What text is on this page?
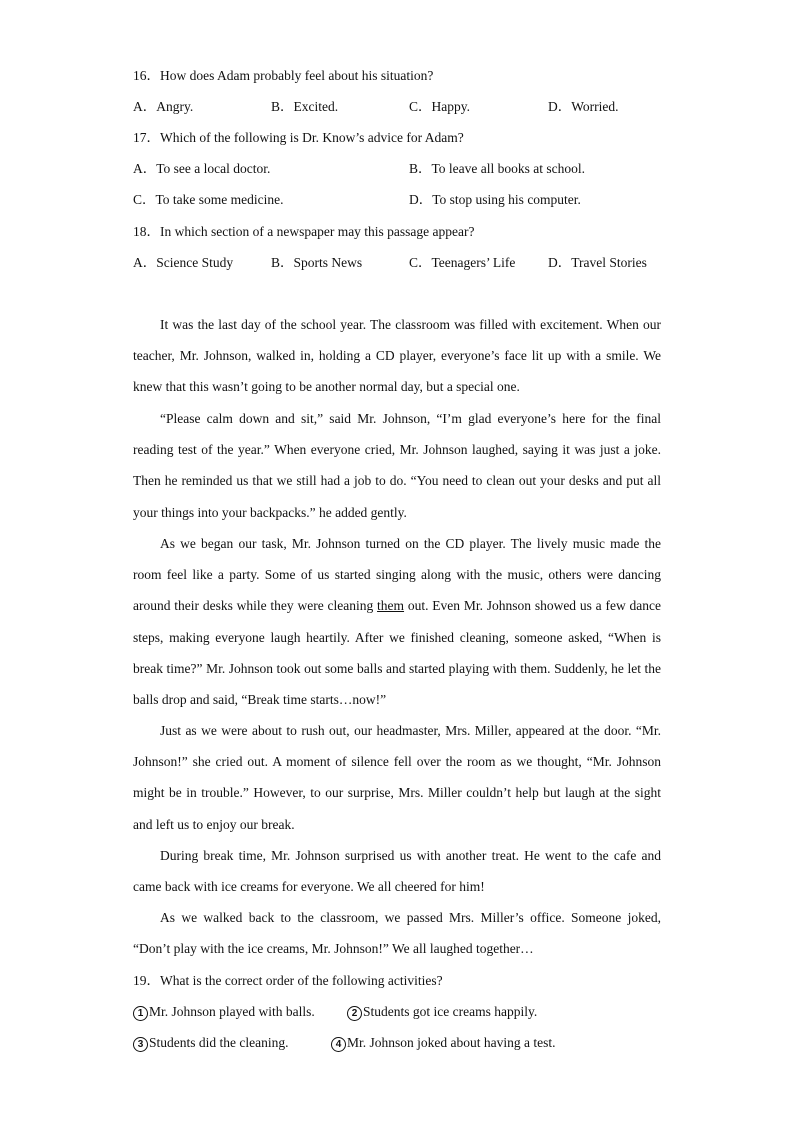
16．How does Adam probably feel about his situation?
A．Angry.	B．Excited.	C．Happy.	D．Worried.
17．Which of the following is Dr. Know’s advice for Adam?
A．To see a local doctor.	B．To leave all books at school.
C．To take some medicine.	D．To stop using his computer.
18．In which section of a newspaper may this passage appear?
A．Science Study	B．Sports News	C．Teenagers’ Life D．Travel Stories
It was the last day of the school year. The classroom was filled with excitement. When our teacher, Mr. Johnson, walked in, holding a CD player, everyone’s face lit up with a smile. We knew that this wasn’t going to be another normal day, but a special one.
“Please calm down and sit,” said Mr. Johnson, “I’m glad everyone’s here for the final reading test of the year.” When everyone cried, Mr. Johnson laughed, saying it was just a joke. Then he reminded us that we still had a job to do. “You need to clean out your desks and put all your things into your backpacks.” he added gently.
As we began our task, Mr. Johnson turned on the CD player. The lively music made the room feel like a party. Some of us started singing along with the music, others were dancing around their desks while they were cleaning them out. Even Mr. Johnson showed us a few dance steps, making everyone laugh heartily. After we finished cleaning, someone asked, “When is break time?” Mr. Johnson took out some balls and started playing with them. Suddenly, he let the balls drop and said, “Break time starts…now!”
Just as we were about to rush out, our headmaster, Mrs. Miller, appeared at the door. “Mr. Johnson!” she cried out. A moment of silence fell over the room as we thought, “Mr. Johnson might be in trouble.” However, to our surprise, Mrs. Miller couldn’t help but laugh at the sight and left us to enjoy our break.
During break time, Mr. Johnson surprised us with another treat. He went to the cafe and came back with ice creams for everyone. We all cheered for him!
As we walked back to the classroom, we passed Mrs. Miller’s office. Someone joked, “Don’t play with the ice creams, Mr. Johnson!” We all laughed together…
19．What is the correct order of the following activities?
1 Mr. Johnson played with balls.	2 Students got ice creams happily.
3 Students did the cleaning.	4 Mr. Johnson joked about having a test.
